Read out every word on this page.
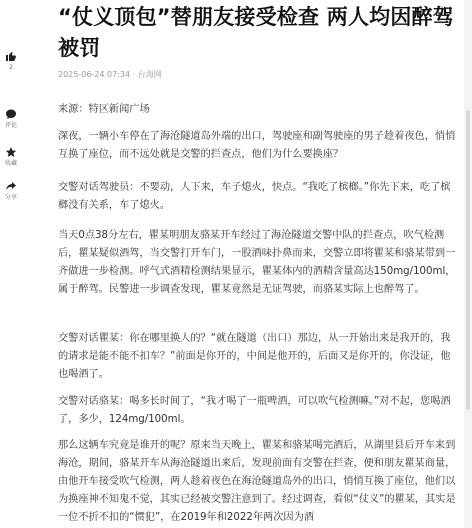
2
评论
收藏
分享
“仗义顶包”替朋友接受检查 两人均因醉驾被罚
2025-06-24 07:34 · 台海网

来源：特区新闻广场

深夜，一辆小车停在了海沧隧道岛外端的出口，驾驶座和副驾驶座的男子趁着夜色，悄悄互换了座位，而不远处就是交警的拦查点，他们为什么要换座？

交警对话驾驶员：不要动，人下来，车子熄火，快点。“我吃了槟榔。”你先下来，吃了槟榔没有关系，车了熄火。

当天0点38分左右，瞿某明朋友骆某开车经过了海沧隧道交警中队的拦查点，吹气检测后，瞿某疑似酒驾，当交警打开车门，一股酒味扑鼻而来，交警立即将瞿某和骆某带到一齐做进一步检测。呼气式酒精检测结果显示，瞿某体内的酒精含量高达150mg/100ml，属于醉驾。民警进一步调查发现，瞿某竟然是无证驾驶，而骆某实际上也醉驾了。

交警对话瞿某：你在哪里换人的？“就在隧道（出口）那边，从一开始出来是我开的，我的请求是能不能不扣车？”前面是你开的，中间是他开的，后面又是你开的，你没证，他也喝酒了。

交警对话骆某：喝多长时间了，“我才喝了一瓶啤酒，可以吹气检测嘛。”对不起，您喝酒了，多少，124mg/100ml。

那么这辆车究竟是谁开的呢？原来当天晚上，瞿某和骆某喝完酒后，从湖里县后开车来到海沧，期间，骆某开车从海沧隧道出来后，发现前面有交警在拦查，便和朋友瞿某商量，由他开车接受吹气检测，两人趁着夜色在海沧隧道岛外的出口，悄悄互换了座位，他们以为换座神不知鬼不觉，其实已经被交警注意到了。经过调查，看似“仗义”的瞿某，其实是一位不折不扣的“惯犯”，在2019年和2022年两次因为酒
